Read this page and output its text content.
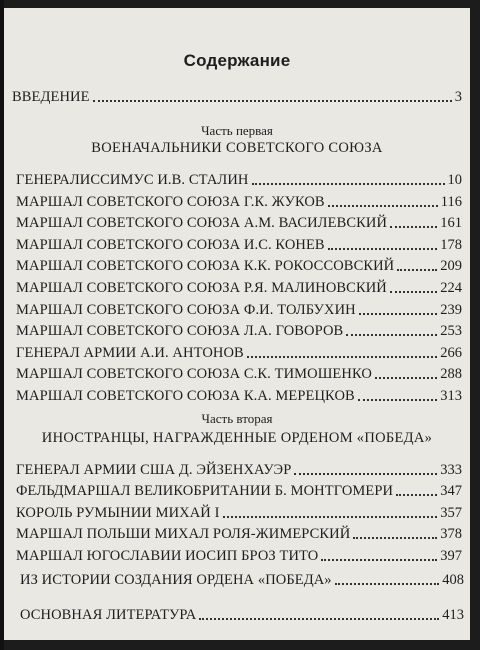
Содержание
ВВЕДЕНИЕ	3
Часть первая
ВОЕНАЧАЛЬНИКИ СОВЕТСКОГО СОЮЗА
ГЕНЕРАЛИССИМУС И.В. СТАЛИН	10
МАРШАЛ СОВЕТСКОГО СОЮЗА Г.К. ЖУКОВ	116
МАРШАЛ СОВЕТСКОГО СОЮЗА А.М. ВАСИЛЕВСКИЙ	161
МАРШАЛ СОВЕТСКОГО СОЮЗА И.С. КОНЕВ	178
МАРШАЛ СОВЕТСКОГО СОЮЗА К.К. РОКОССОВСКИЙ	209
МАРШАЛ СОВЕТСКОГО СОЮЗА Р.Я. МАЛИНОВСКИЙ	224
МАРШАЛ СОВЕТСКОГО СОЮЗА Ф.И. ТОЛБУХИН	239
МАРШАЛ СОВЕТСКОГО СОЮЗА Л.А. ГОВОРОВ	253
ГЕНЕРАЛ АРМИИ А.И. АНТОНОВ	266
МАРШАЛ СОВЕТСКОГО СОЮЗА С.К. ТИМОШЕНКО	288
МАРШАЛ СОВЕТСКОГО СОЮЗА К.А. МЕРЕЦКОВ	313
Часть вторая
ИНОСТРАНЦЫ, НАГРАЖДЕННЫЕ ОРДЕНОМ «ПОБЕДА»
ГЕНЕРАЛ АРМИИ США Д. ЭЙЗЕНХАУЭР	333
ФЕЛЬДМАРШАЛ ВЕЛИКОБРИТАНИИ Б. МОНТГОМЕРИ	347
КОРОЛЬ РУМЫНИИ МИХАЙ I	357
МАРШАЛ ПОЛЬШИ МИХАЛ РОЛЯ-ЖИМЕРСКИЙ	378
МАРШАЛ ЮГОСЛАВИИ ИОСИП БРОЗ ТИТО	397
ИЗ ИСТОРИИ СОЗДАНИЯ ОРДЕНА «ПОБЕДА»	408
ОСНОВНАЯ ЛИТЕРАТУРА	413
